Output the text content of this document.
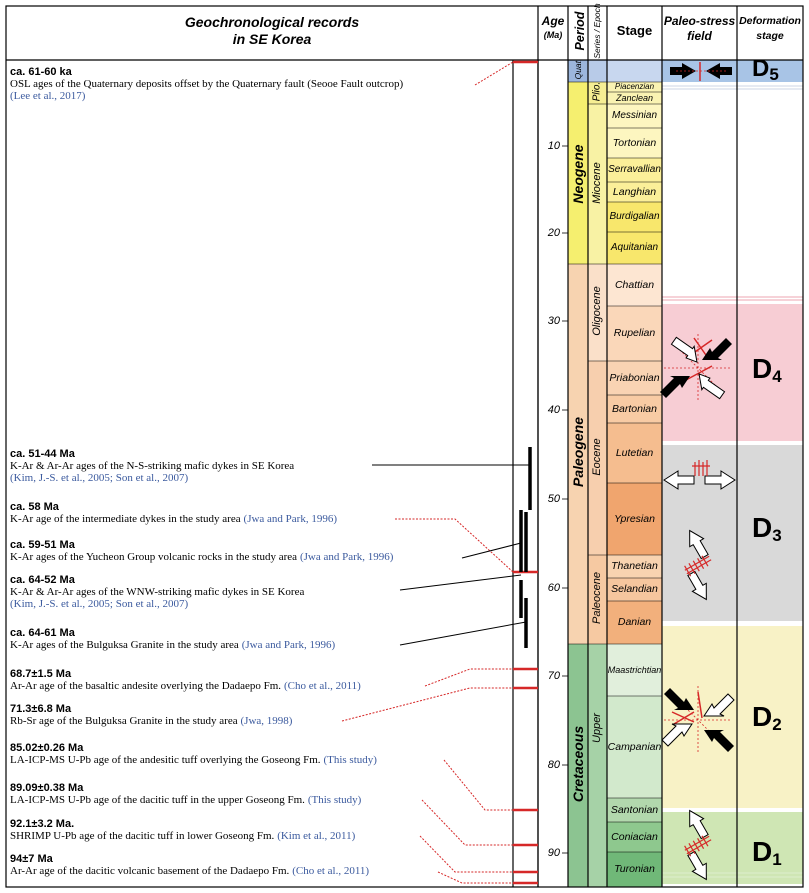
Geochronological records
in SE Korea
Age
(Ma) Period Series / Epoch	Stage
Paleo-stress
field
Deformation
stage
10
20
30
40
50
60
70
80
90
Quat.
Neogene
Paleogene
Cretaceous
Plio.
Miocene
Oligocene
Eocene
Paleocene
Upper
Piacenzian
Zanclean
Messinian
Tortonian
Serravallian
Langhian
Burdigalian
Aquitanian
Chattian
Rupelian
Priabonian
Bartonian
Lutetian
Ypresian
Thanetian
Selandian
Danian
Maastrichtian
Campanian
Santonian
Coniacian
Turonian
$D_5$
$D_4$
$D_3$
$D_2$
$D_1$
ca. 61-60 ka
OSL ages of the Quaternary deposits offset by the Quaternary fault (Seooe Fault outcrop)
(Lee et al., 2017)
ca. 51-44 Ma
K-Ar & Ar-Ar ages of the N-S-striking mafic dykes in SE Korea
(Kim, J.-S. et al., 2005; Son et al., 2007)
ca. 58 Ma
K-Ar age of the intermediate dykes in the study area (Jwa and Park, 1996)
ca. 59-51 Ma
K-Ar ages of the Yucheon Group volcanic rocks in the study area (Jwa and Park, 1996)
ca. 64-52 Ma
K-Ar & Ar-Ar ages of the WNW-striking mafic dykes in SE Korea
(Kim, J.-S. et al., 2005; Son et al., 2007)
ca. 64-61 Ma
K-Ar ages of the Bulguksa Granite in the study area (Jwa and Park, 1996)
68.7±1.5 Ma
Ar-Ar age of the basaltic andesite overlying the Dadaepo Fm. (Cho et al., 2011)
71.3±6.8 Ma
Rb-Sr age of the Bulguksa Granite in the study area (Jwa, 1998)
85.02±0.26 Ma
LA-ICP-MS U-Pb age of the andesitic tuff overlying the Goseong Fm. (This study)
89.09±0.38 Ma
LA-ICP-MS U-Pb age of the dacitic tuff in the upper Goseong Fm. (This study)
92.1±3.2 Ma.
SHRIMP U-Pb age of the dacitic tuff in lower Goseong Fm. (Kim et al., 2011)
94±7 Ma
Ar-Ar age of the dacitic volcanic basement of the Dadaepo Fm. (Cho et al., 2011)
